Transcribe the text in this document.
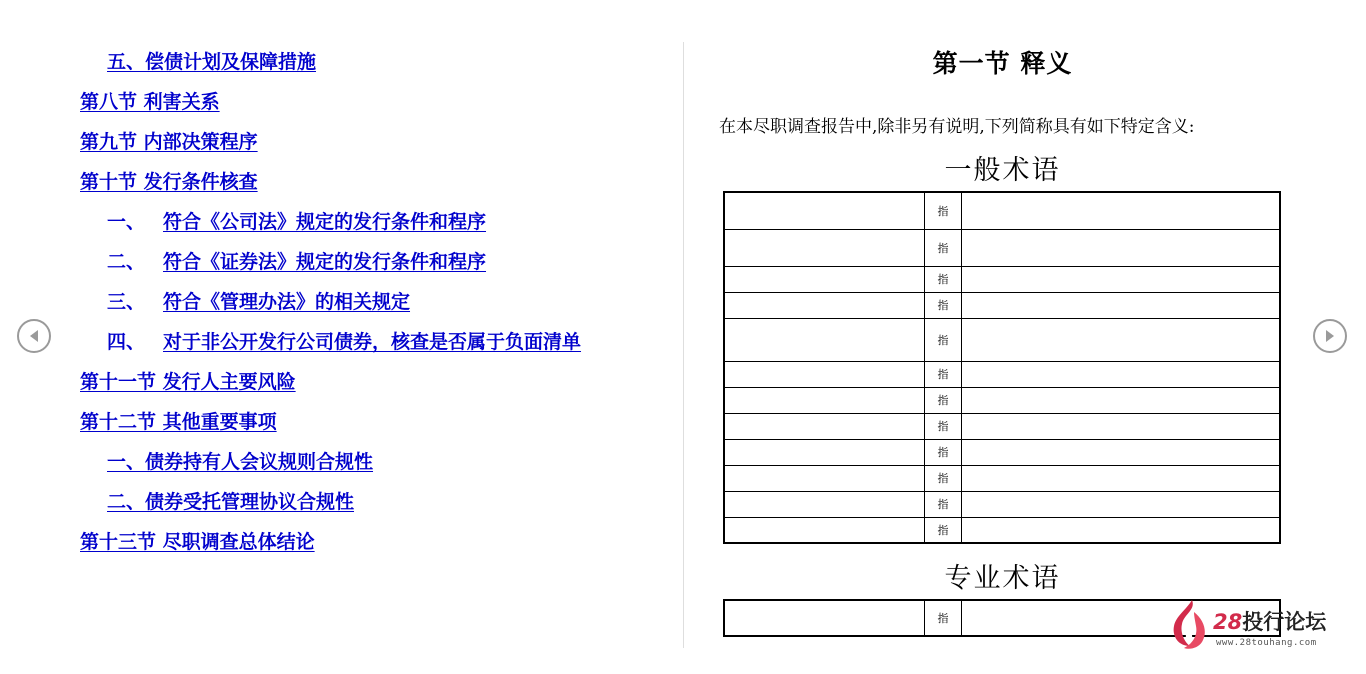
五、偿债计划及保障措施
第八节 利害关系
第九节 内部决策程序
第十节 发行条件核查
一、 符合《公司法》规定的发行条件和程序
二、 符合《证券法》规定的发行条件和程序
三、 符合《管理办法》的相关规定
四、 对于非公开发行公司债券，核查是否属于负面清单
第十一节 发行人主要风险
第十二节 其他重要事项
一、债券持有人会议规则合规性
二、债券受托管理协议合规性
第十三节 尽职调查总体结论
第一节 释义
在本尽职调查报告中,除非另有说明,下列简称具有如下特定含义:
一般术语
	指	
	指	
	指	
	指	
	指	
	指	
	指	
	指	
	指	
	指	
	指	
	指	
专业术语
	指		28投行论坛
www.28touhang.com
